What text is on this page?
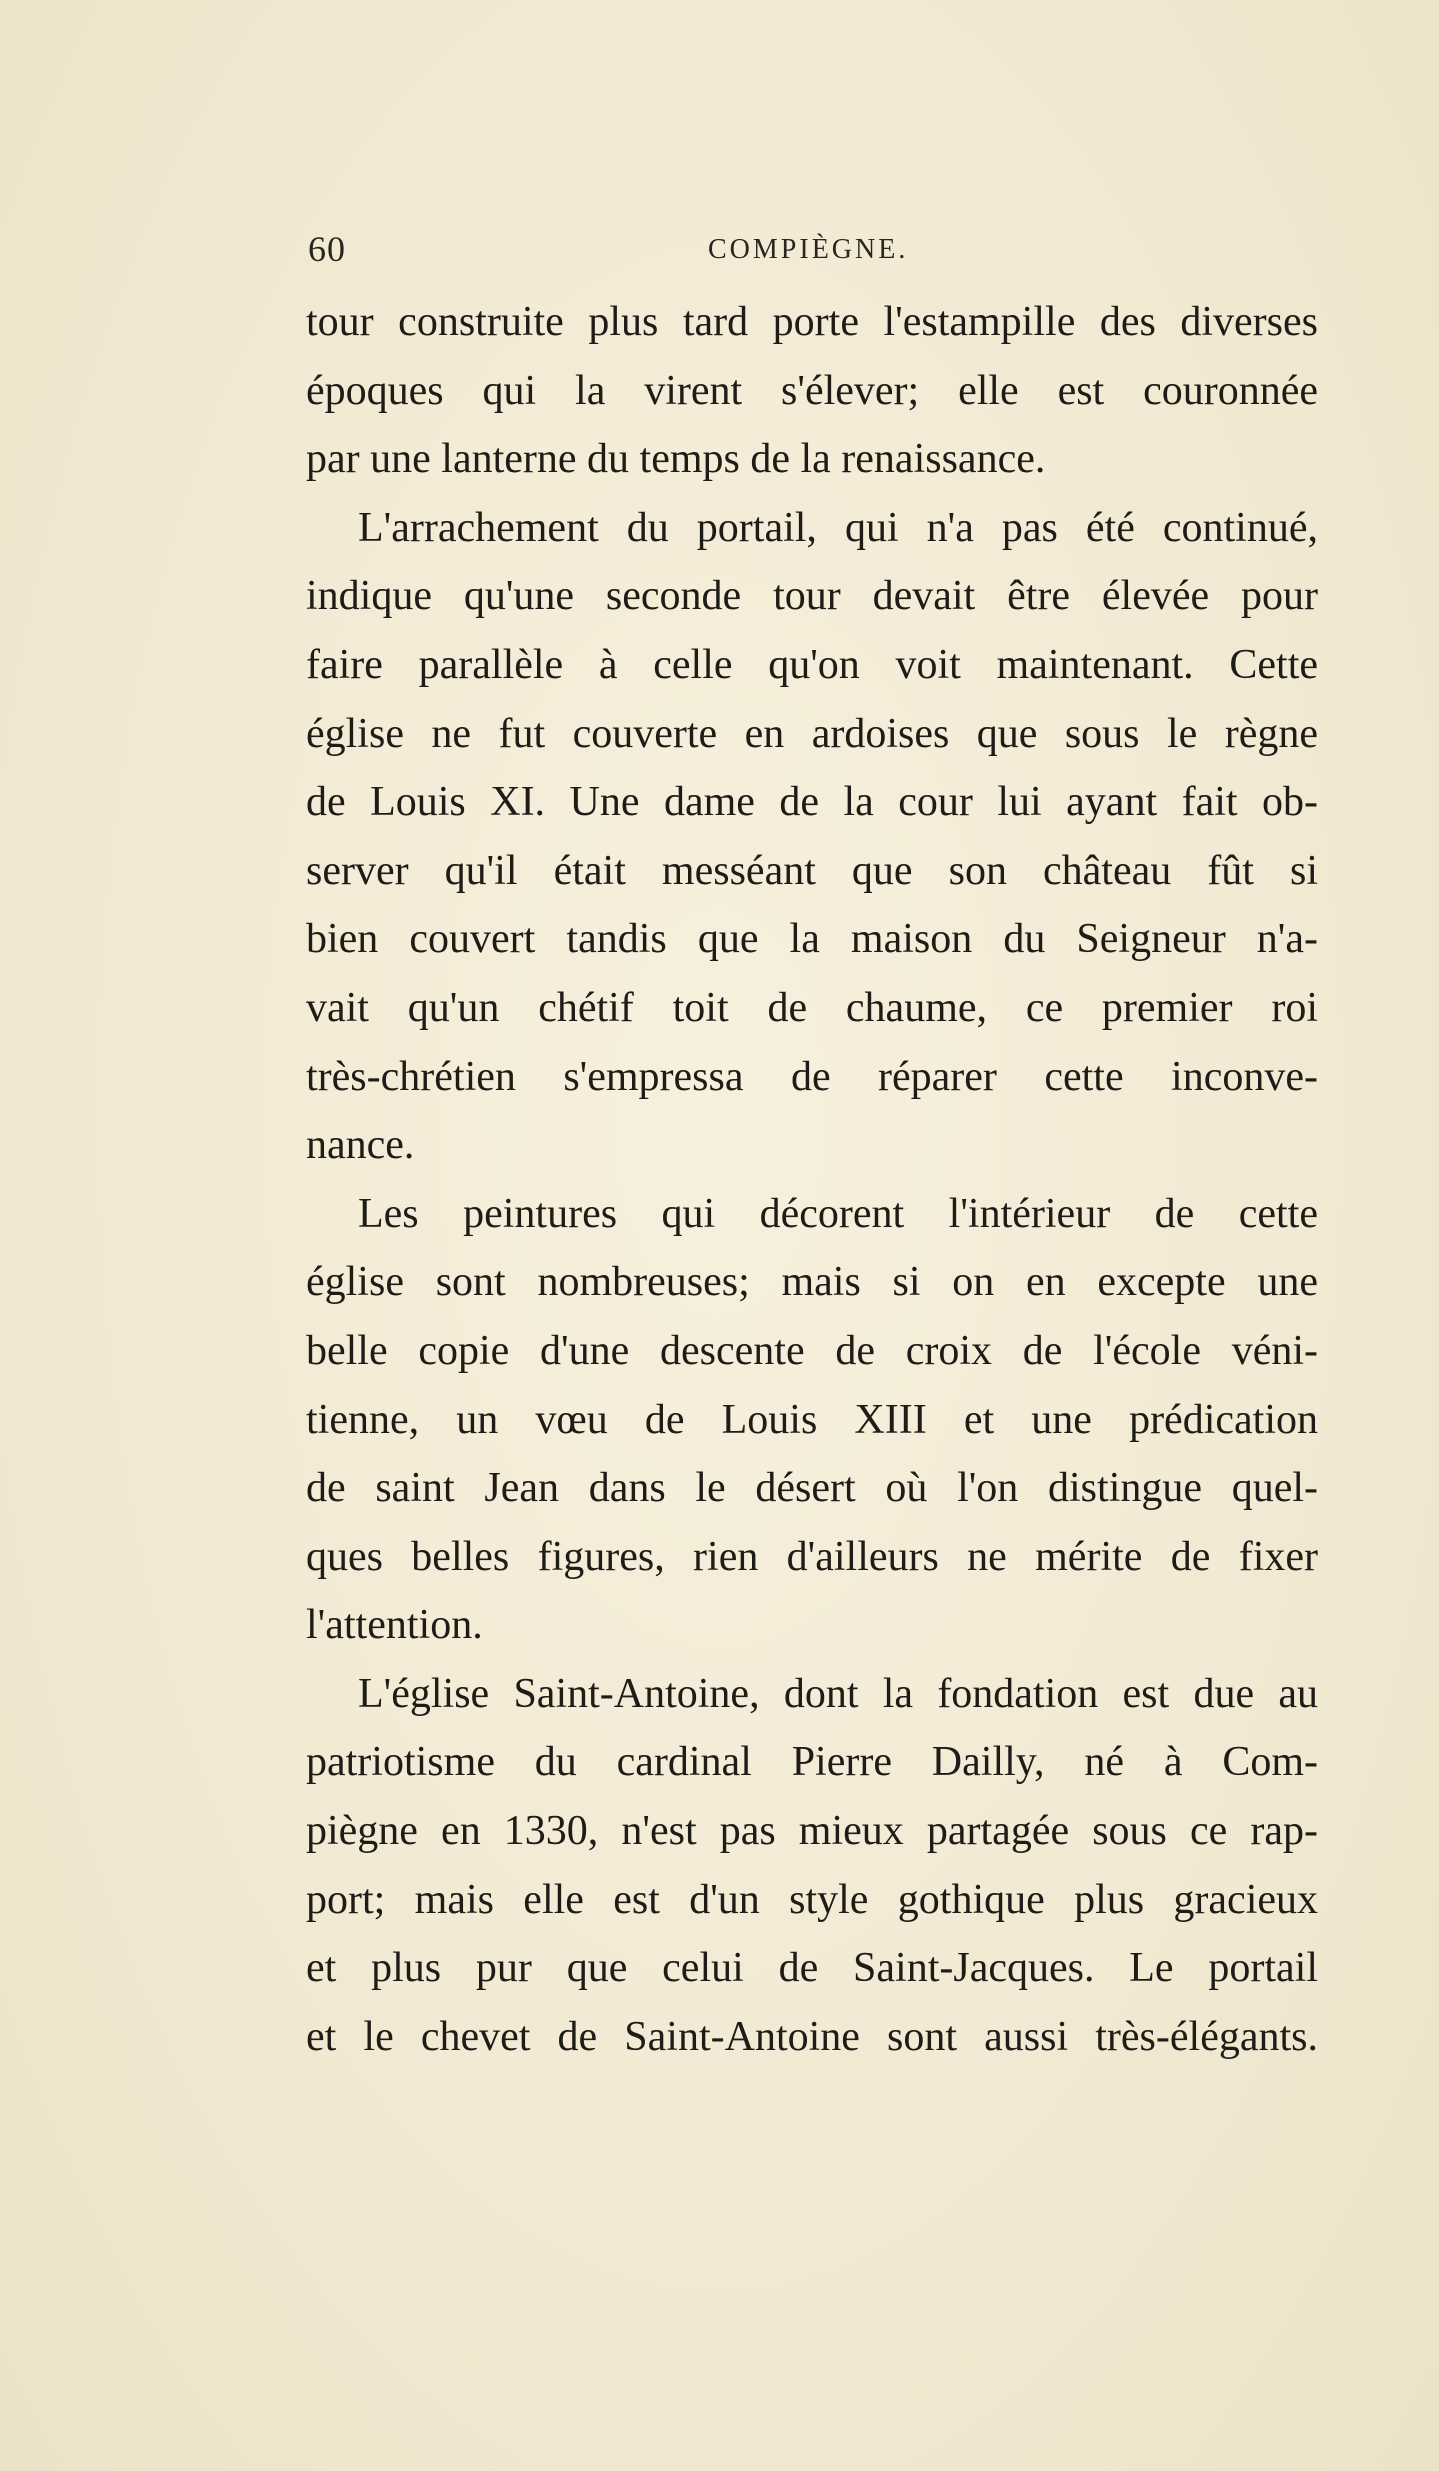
60	COMPIÈGNE.
tour construite plus tard porte l'estampille des diverses
époques qui la virent s'élever; elle est couronnée
par une lanterne du temps de la renaissance.
L'arrachement du portail, qui n'a pas été continué,
indique qu'une seconde tour devait être élevée pour
faire parallèle à celle qu'on voit maintenant. Cette
église ne fut couverte en ardoises que sous le règne
de Louis XI. Une dame de la cour lui ayant fait ob-
server qu'il était messéant que son château fût si
bien couvert tandis que la maison du Seigneur n'a-
vait qu'un chétif toit de chaume, ce premier roi
très-chrétien s'empressa de réparer cette inconve-
nance.
Les peintures qui décorent l'intérieur de cette
église sont nombreuses; mais si on en excepte une
belle copie d'une descente de croix de l'école véni-
tienne, un vœu de Louis XIII et une prédication
de saint Jean dans le désert où l'on distingue quel-
ques belles figures, rien d'ailleurs ne mérite de fixer
l'attention.
L'église Saint-Antoine, dont la fondation est due au
patriotisme du cardinal Pierre Dailly, né à Com-
piègne en 1330, n'est pas mieux partagée sous ce rap-
port; mais elle est d'un style gothique plus gracieux
et plus pur que celui de Saint-Jacques. Le portail
et le chevet de Saint-Antoine sont aussi très-élégants.
